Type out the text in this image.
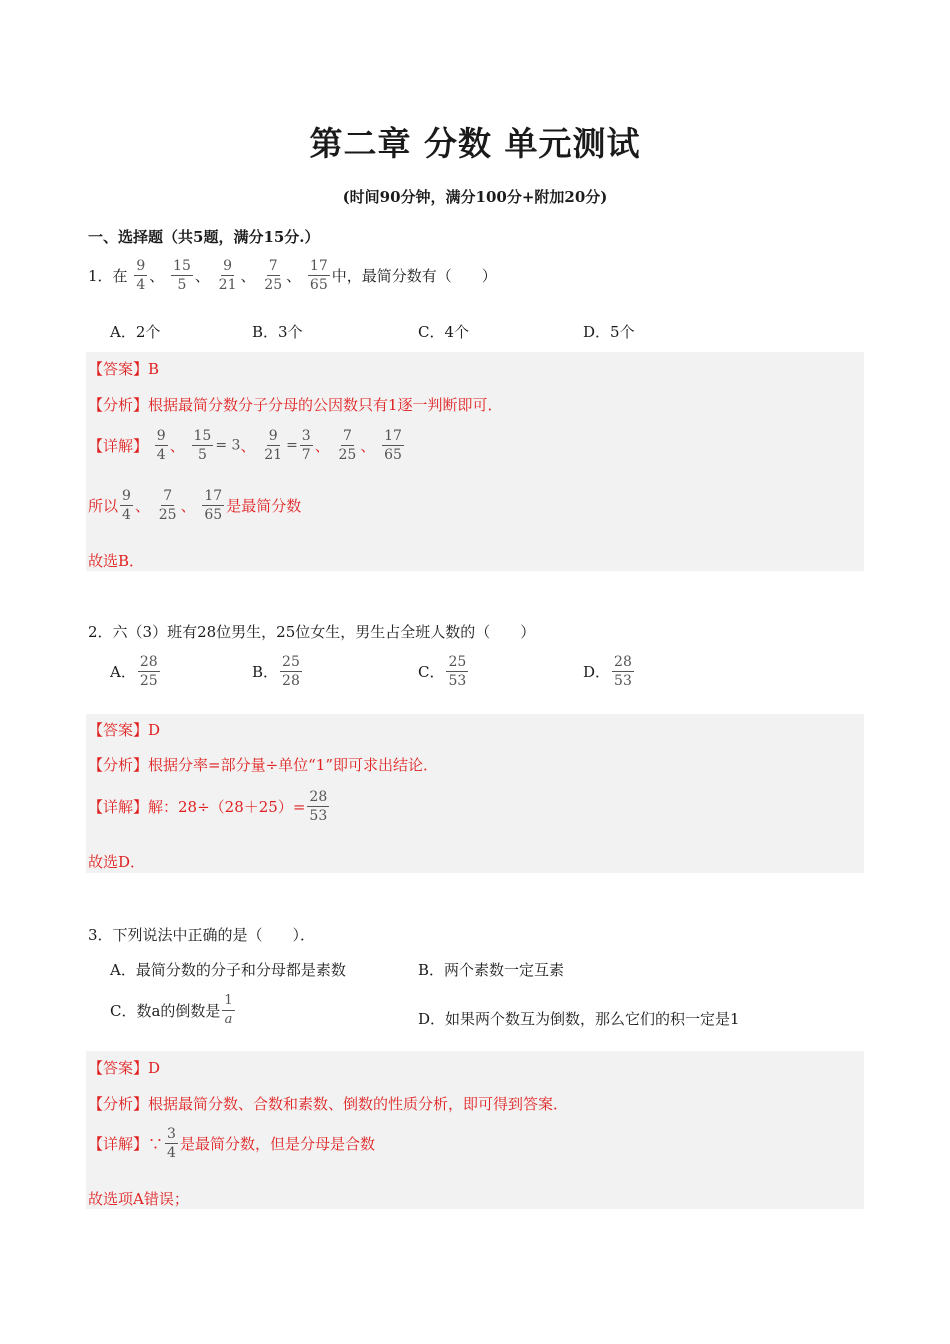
第二章 分数 单元测试
(时间90分钟，满分100分+附加20分)
一、选择题（共5题，满分15分.）
1．在 $\frac{9}{4}$ 、 $\frac{15}{5}$ 、 $\frac{9}{21}$ 、 $\frac{7}{25}$ 、 $\frac{17}{65}$ 中，最简分数有（　　）
A．2个	B．3个	C．4个	D．5个
【答案】B
【分析】根据最简分数分子分母的公因数只有1逐一判断即可．
【详解】 $\frac{9}{4}$ 、 $\frac{15}{5} = 3$、 $\frac{9}{21} = \frac{3}{7}$ 、 $\frac{7}{25}$ 、 $\frac{17}{65}$
所以 $\frac{9}{4}$ 、 $\frac{7}{25}$ 、 $\frac{17}{65}$ 是最简分数
故选B．
2．六（3）班有28位男生，25位女生，男生占全班人数的（　　）
A． $\frac{28}{25}$	B． $\frac{25}{28}$	C． $\frac{25}{53}$	D． $\frac{28}{53}$
【答案】D
【分析】根据分率=部分量÷单位“1”即可求出结论．
【详解】解：$28\div(28+25)= \frac{28}{53}$
故选D．
3．下列说法中正确的是（　　）．
A．最简分数的分子和分母都是素数	B．两个素数一定互素
C．数a的倒数是 $\frac{1}{a}$	D．如果两个数互为倒数，那么它们的积一定是1
【答案】D
【分析】根据最简分数、合数和素数、倒数的性质分析，即可得到答案．
【详解】∵ $\frac{3}{4}$ 是最简分数，但是分母是合数
故选项A错误；
